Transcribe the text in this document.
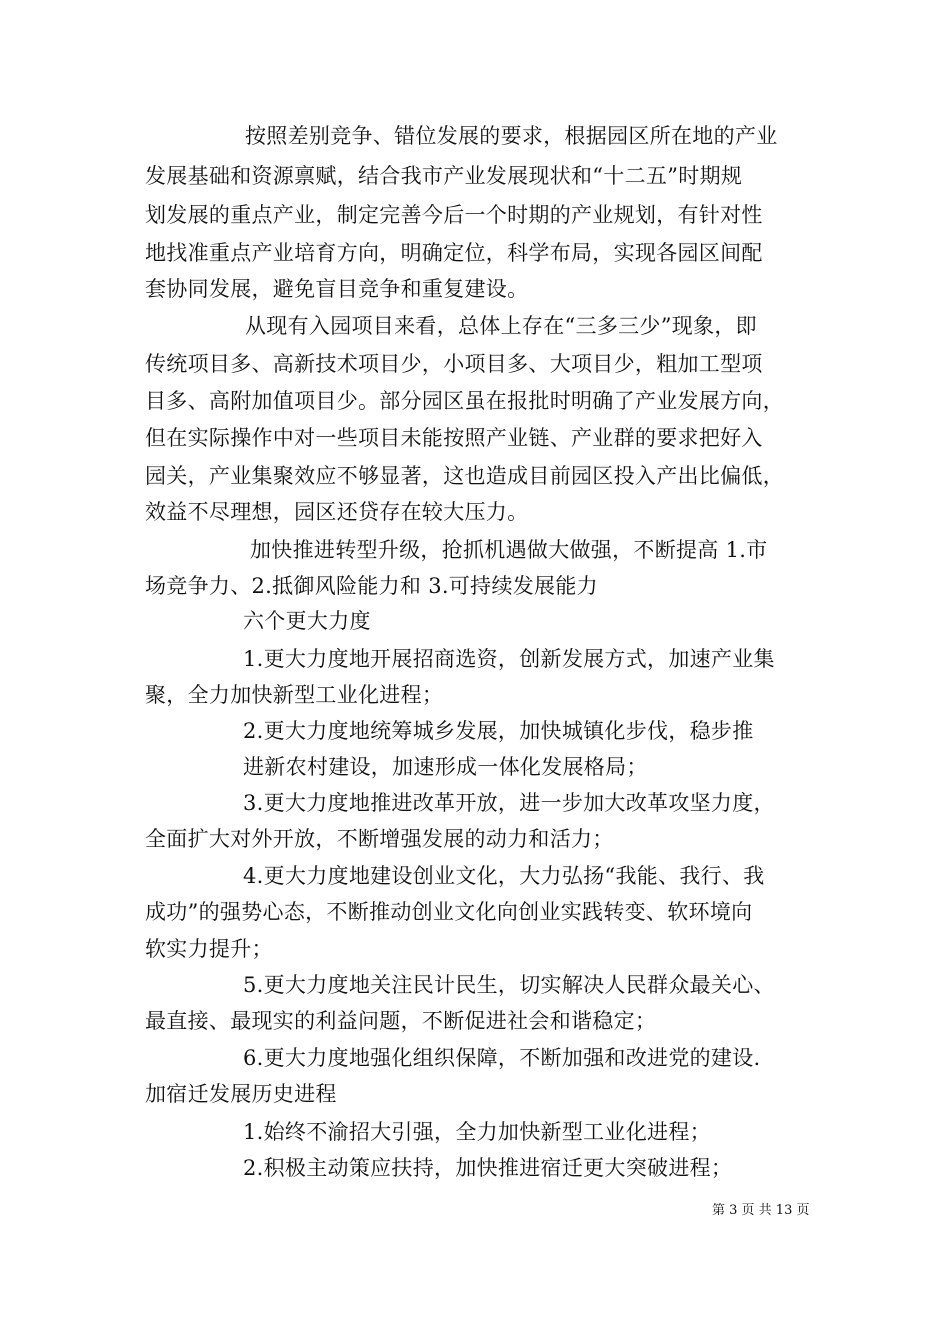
按照差别竞争、错位发展的要求，根据园区所在地的产业
发展基础和资源禀赋，结合我市产业发展现状和“十二五”时期规
划发展的重点产业，制定完善今后一个时期的产业规划，有针对性
地找准重点产业培育方向，明确定位，科学布局，实现各园区间配
套协同发展，避免盲目竞争和重复建设。
从现有入园项目来看，总体上存在“三多三少”现象，即
传统项目多、高新技术项目少，小项目多、大项目少，粗加工型项
目多、高附加值项目少。部分园区虽在报批时明确了产业发展方向，
但在实际操作中对一些项目未能按照产业链、产业群的要求把好入
园关，产业集聚效应不够显著，这也造成目前园区投入产出比偏低，
效益不尽理想，园区还贷存在较大压力。
加快推进转型升级，抢抓机遇做大做强，不断提高 1.市
场竞争力、2.抵御风险能力和 3.可持续发展能力
六个更大力度
1.更大力度地开展招商选资，创新发展方式，加速产业集
聚，全力加快新型工业化进程；
2.更大力度地统筹城乡发展，加快城镇化步伐，稳步推
进新农村建设，加速形成一体化发展格局；
3.更大力度地推进改革开放，进一步加大改革攻坚力度，
全面扩大对外开放，不断增强发展的动力和活力；
4.更大力度地建设创业文化，大力弘扬“我能、我行、我
成功”的强势心态，不断推动创业文化向创业实践转变、软环境向
软实力提升；
5.更大力度地关注民计民生，切实解决人民群众最关心、
最直接、最现实的利益问题，不断促进社会和谐稳定；
6.更大力度地强化组织保障，不断加强和改进党的建设.
加宿迁发展历史进程
1.始终不渝招大引强，全力加快新型工业化进程；
2.积极主动策应扶持，加快推进宿迁更大突破进程；
第 3 页 共 13 页
